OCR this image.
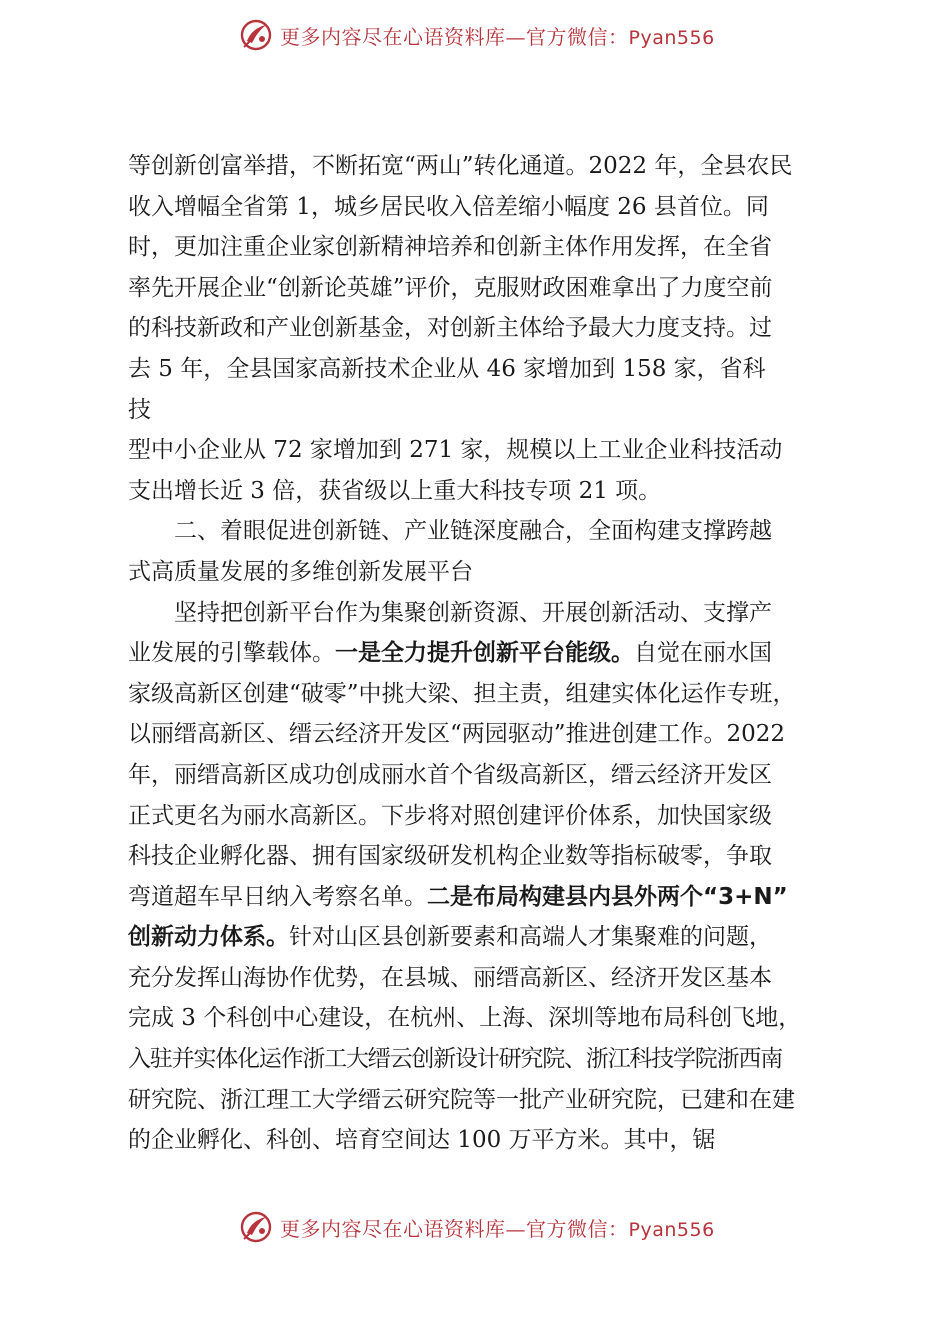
更多内容尽在心语资料库—官方微信：Pyan556
等创新创富举措，不断拓宽“两山”转化通道。2022 年，全县农民
收入增幅全省第 1，城乡居民收入倍差缩小幅度 26 县首位。同
时，更加注重企业家创新精神培养和创新主体作用发挥，在全省
率先开展企业“创新论英雄”评价，克服财政困难拿出了力度空前
的科技新政和产业创新基金，对创新主体给予最大力度支持。过
去 5 年，全县国家高新技术企业从 46 家增加到 158 家，省科
技
型中小企业从 72 家增加到 271 家，规模以上工业企业科技活动
支出增长近 3 倍，获省级以上重大科技专项 21 项。
二、着眼促进创新链、产业链深度融合，全面构建支撑跨越
式高质量发展的多维创新发展平台
坚持把创新平台作为集聚创新资源、开展创新活动、支撑产
业发展的引擎载体。一是全力提升创新平台能级。自觉在丽水国
家级高新区创建“破零”中挑大梁、担主责，组建实体化运作专班，
以丽缙高新区、缙云经济开发区“两园驱动”推进创建工作。2022
年，丽缙高新区成功创成丽水首个省级高新区，缙云经济开发区
正式更名为丽水高新区。下步将对照创建评价体系，加快国家级
科技企业孵化器、拥有国家级研发机构企业数等指标破零，争取
弯道超车早日纳入考察名单。二是布局构建县内县外两个“3+N”
创新动力体系。针对山区县创新要素和高端人才集聚难的问题，
充分发挥山海协作优势，在县城、丽缙高新区、经济开发区基本
完成 3 个科创中心建设，在杭州、上海、深圳等地布局科创飞地，
入驻并实体化运作浙工大缙云创新设计研究院、浙江科技学院浙西南
研究院、浙江理工大学缙云研究院等一批产业研究院，已建和在建
的企业孵化、科创、培育空间达 100 万平方米。其中，锯
更多内容尽在心语资料库—官方微信：Pyan556
